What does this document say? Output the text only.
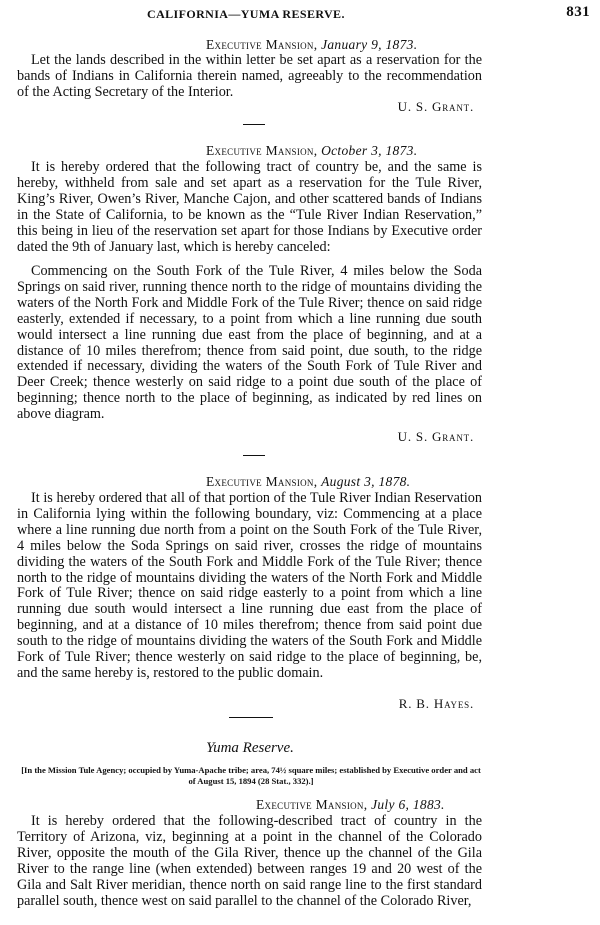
CALIFORNIA—YUMA RESERVE.	831
Executive Mansion, January 9, 1873.
Let the lands described in the within letter be set apart as a reservation for the bands of Indians in California therein named, agreeably to the recommendation of the Acting Secretary of the Interior.
U. S. Grant.
Executive Mansion, October 3, 1873.
It is hereby ordered that the following tract of country be, and the same is hereby, withheld from sale and set apart as a reservation for the Tule River, King’s River, Owen’s River, Manche Cajon, and other scattered bands of Indians in the State of California, to be known as the “Tule River Indian Reservation,” this being in lieu of the reservation set apart for those Indians by Executive order dated the 9th of January last, which is hereby canceled:
Commencing on the South Fork of the Tule River, 4 miles below the Soda Springs on said river, running thence north to the ridge of mountains dividing the waters of the North Fork and Middle Fork of the Tule River; thence on said ridge easterly, extended if necessary, to a point from which a line running due south would intersect a line running due east from the place of beginning, and at a distance of 10 miles therefrom; thence from said point, due south, to the ridge extended if necessary, dividing the waters of the South Fork of Tule River and Deer Creek; thence westerly on said ridge to a point due south of the place of beginning; thence north to the place of beginning, as indicated by red lines on above diagram.
U. S. Grant.
Executive Mansion, August 3, 1878.
It is hereby ordered that all of that portion of the Tule River Indian Reservation in California lying within the following boundary, viz: Commencing at a place where a line running due north from a point on the South Fork of the Tule River, 4 miles below the Soda Springs on said river, crosses the ridge of mountains dividing the waters of the South Fork and Middle Fork of the Tule River; thence north to the ridge of mountains dividing the waters of the North Fork and Middle Fork of Tule River; thence on said ridge easterly to a point from which a line running due south would intersect a line running due east from the place of beginning, and at a distance of 10 miles therefrom; thence from said point due south to the ridge of mountains dividing the waters of the South Fork and Middle Fork of Tule River; thence westerly on said ridge to the place of beginning, be, and the same hereby is, restored to the public domain.
R. B. Hayes.
Yuma Reserve.
[In the Mission Tule Agency; occupied by Yuma-Apache tribe; area, 74½ square miles; established by Executive order and act of August 15, 1894 (28 Stat., 332).]
Executive Mansion, July 6, 1883.
It is hereby ordered that the following-described tract of country in the Territory of Arizona, viz, beginning at a point in the channel of the Colorado River, opposite the mouth of the Gila River, thence up the channel of the Gila River to the range line (when extended) between ranges 19 and 20 west of the Gila and Salt River meridian, thence north on said range line to the first standard parallel south, thence west on said parallel to the channel of the Colorado River,
